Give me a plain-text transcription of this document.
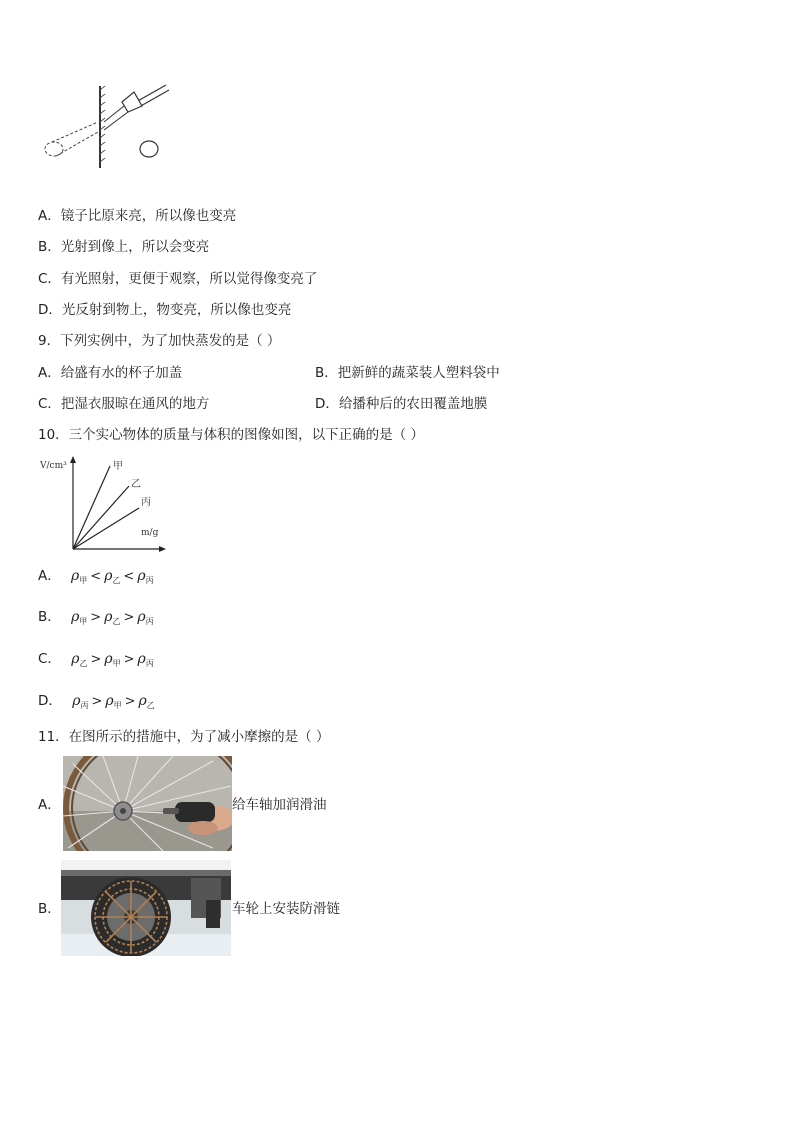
A．镜子比原来亮，所以像也变亮
B．光射到像上，所以会变亮
C．有光照射，更便于观察，所以觉得像变亮了
D．光反射到物上，物变亮，所以像也变亮
9．下列实例中，为了加快蒸发的是（ ）
A．给盛有水的杯子加盖	B．把新鲜的蔬菜装人塑料袋中
C．把湿衣服晾在通风的地方	D．给播种后的农田覆盖地膜
10．三个实心物体的质量与体积的图像如图，以下正确的是（ ）
V/cm³
m/g
甲
乙
丙
A． $\rho_甲 < \rho_乙 < \rho_丙$
B． $\rho_甲 > \rho_乙 > \rho_丙$
C． $\rho_乙 > \rho_甲 > \rho_丙$
D． $\rho_丙 > \rho_甲 > \rho_乙$
11．在图所示的措施中，为了减小摩擦的是（ ）
A．	给车轴加润滑油
B．	车轮上安装防滑链
